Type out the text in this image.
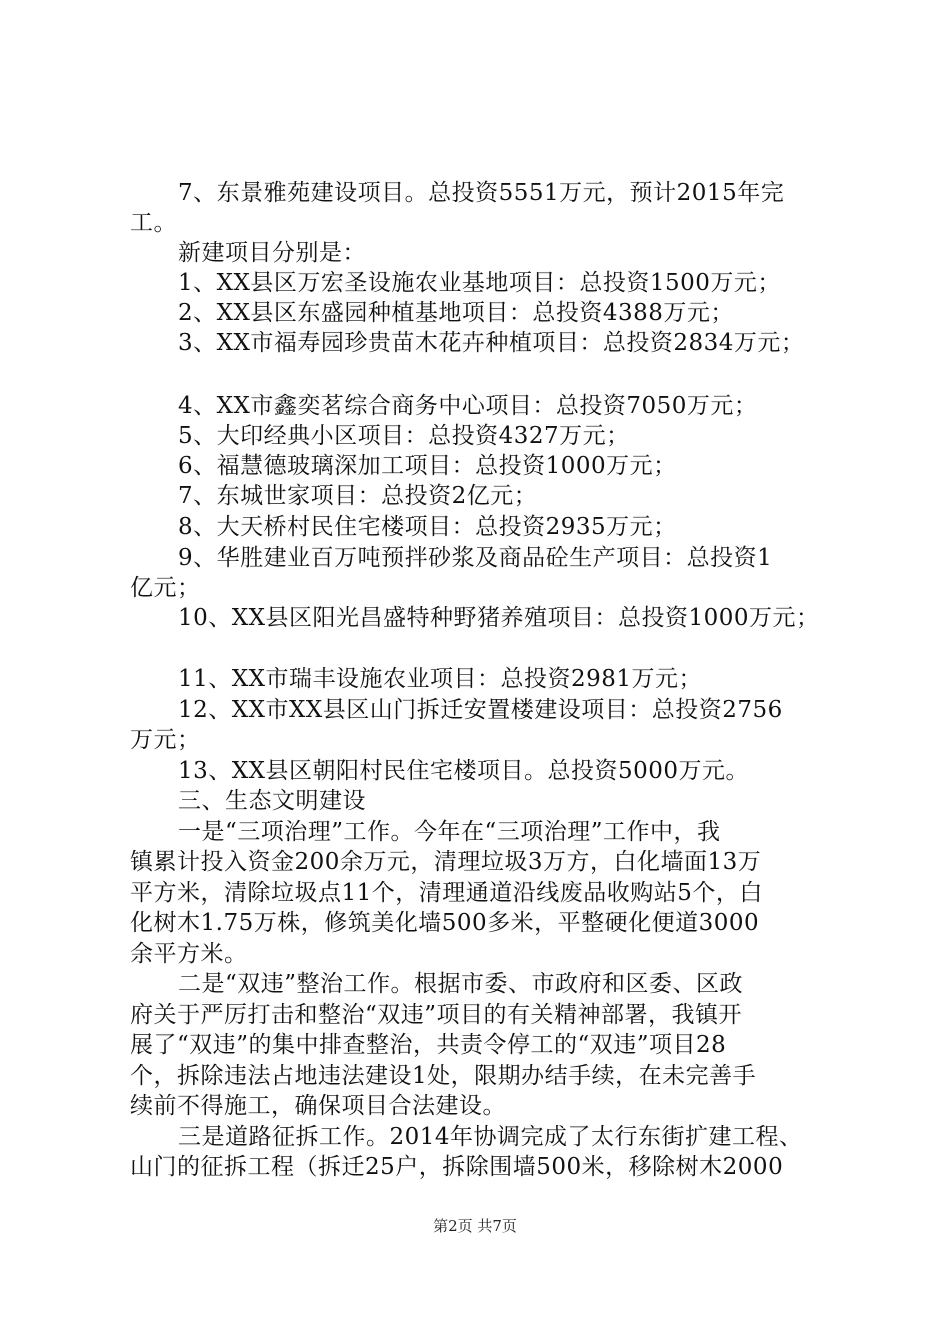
7、东景雅苑建设项目。总投资5551万元，预计2015年完
工。
新建项目分别是：
1、XX县区万宏圣设施农业基地项目：总投资1500万元；
2、XX县区东盛园种植基地项目：总投资4388万元；
3、XX市福寿园珍贵苗木花卉种植项目：总投资2834万元；
4、XX市鑫奕茗综合商务中心项目：总投资7050万元；
5、大印经典小区项目：总投资4327万元；
6、福慧德玻璃深加工项目：总投资1000万元；
7、东城世家项目：总投资2亿元；
8、大天桥村民住宅楼项目：总投资2935万元；
9、华胜建业百万吨预拌砂浆及商品砼生产项目：总投资1
亿元；
10、XX县区阳光昌盛特种野猪养殖项目：总投资1000万元；
11、XX市瑞丰设施农业项目：总投资2981万元；
12、XX市XX县区山门拆迁安置楼建设项目：总投资2756
万元；
13、XX县区朝阳村民住宅楼项目。总投资5000万元。
三、生态文明建设
一是“三项治理”工作。今年在“三项治理”工作中，我
镇累计投入资金200余万元，清理垃圾3万方，白化墙面13万
平方米，清除垃圾点11个，清理通道沿线废品收购站5个，白
化树木1.75万株，修筑美化墙500多米，平整硬化便道3000
余平方米。
二是“双违”整治工作。根据市委、市政府和区委、区政
府关于严厉打击和整治“双违”项目的有关精神部署，我镇开
展了“双违”的集中排查整治，共责令停工的“双违”项目28
个，拆除违法占地违法建设1处，限期办结手续，在未完善手
续前不得施工，确保项目合法建设。
三是道路征拆工作。2014年协调完成了太行东街扩建工程、
山门的征拆工程（拆迁25户，拆除围墙500米，移除树木2000
第2页 共7页
